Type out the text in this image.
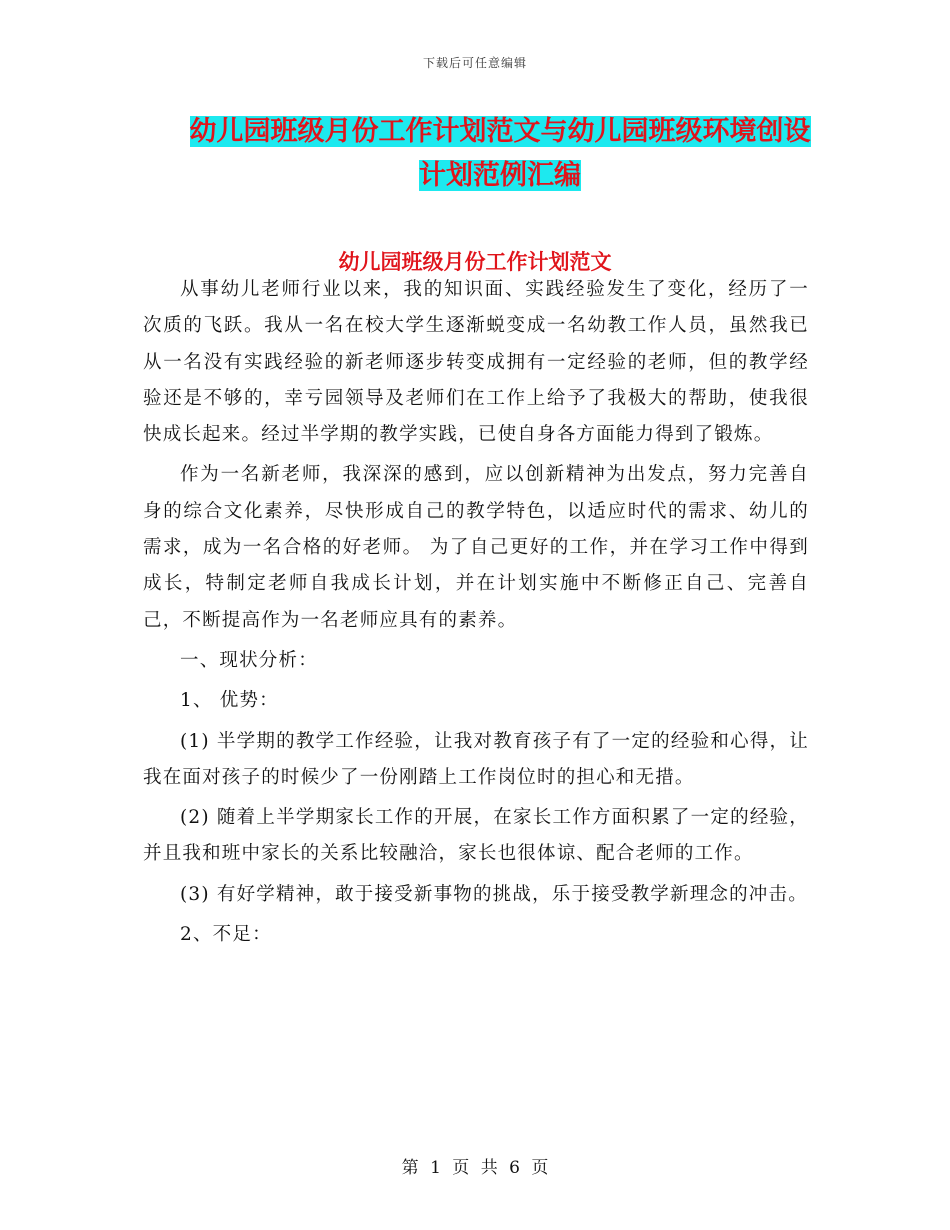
下载后可任意编辑
幼儿园班级月份工作计划范文与幼儿园班级环境创设
计划范例汇编
幼儿园班级月份工作计划范文

从事幼儿老师行业以来，我的知识面、实践经验发生了变化，经历了一次质的飞跃。我从一名在校大学生逐渐蜕变成一名幼教工作人员，虽然我已从一名没有实践经验的新老师逐步转变成拥有一定经验的老师，但的教学经验还是不够的，幸亏园领导及老师们在工作上给予了我极大的帮助，使我很快成长起来。经过半学期的教学实践，已使自身各方面能力得到了锻炼。

作为一名新老师，我深深的感到，应以创新精神为出发点，努力完善自身的综合文化素养，尽快形成自己的教学特色，以适应时代的需求、幼儿的需求，成为一名合格的好老师。 为了自己更好的工作，并在学习工作中得到成长，特制定老师自我成长计划，并在计划实施中不断修正自己、完善自己，不断提高作为一名老师应具有的素养。

一、现状分析：

1、 优势：

(1) 半学期的教学工作经验，让我对教育孩子有了一定的经验和心得，让我在面对孩子的时候少了一份刚踏上工作岗位时的担心和无措。

(2) 随着上半学期家长工作的开展，在家长工作方面积累了一定的经验，并且我和班中家长的关系比较融洽，家长也很体谅、配合老师的工作。

(3) 有好学精神，敢于接受新事物的挑战，乐于接受教学新理念的冲击。

2、不足：

第 1 页 共 6 页
